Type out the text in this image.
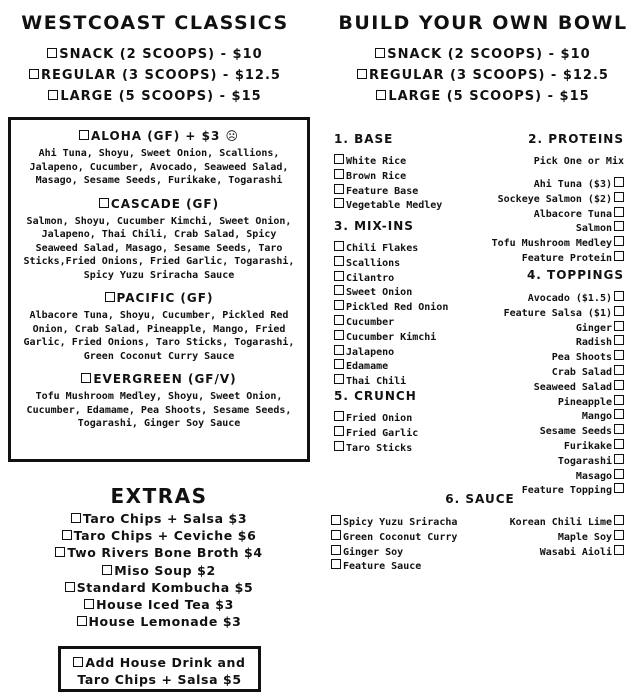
WESTCOAST CLASSICS
SNACK (2 SCOOPS) - $10
REGULAR (3 SCOOPS) - $12.5
LARGE (5 SCOOPS) - $15
BUILD YOUR OWN BOWL
SNACK (2 SCOOPS) - $10
REGULAR (3 SCOOPS) - $12.5
LARGE (5 SCOOPS) - $15
ALOHA (GF) + $3 ☹
Ahi Tuna, Shoyu, Sweet Onion, Scallions, Jalapeno, Cucumber, Avocado, Seaweed Salad, Masago, Sesame Seeds, Furikake, Togarashi
CASCADE (GF)
Salmon, Shoyu, Cucumber Kimchi, Sweet Onion, Jalapeno, Thai Chili, Crab Salad, Spicy Seaweed Salad, Masago, Sesame Seeds, Taro Sticks,Fried Onions, Fried Garlic, Togarashi, Spicy Yuzu Sriracha Sauce
PACIFIC (GF)
Albacore Tuna, Shoyu, Cucumber, Pickled Red Onion, Crab Salad, Pineapple, Mango, Fried Garlic, Fried Onions, Taro Sticks, Togarashi, Green Coconut Curry Sauce
EVERGREEN (GF/V)
Tofu Mushroom Medley, Shoyu, Sweet Onion, Cucumber, Edamame, Pea Shoots, Sesame Seeds, Togarashi, Ginger Soy Sauce
EXTRAS
Taro Chips + Salsa $3
Taro Chips + Ceviche $6
Two Rivers Bone Broth $4
Miso Soup $2
Standard Kombucha $5
House Iced Tea $3
House Lemonade $3
Add House Drink and
Taro Chips + Salsa $5
1. BASE
White Rice
Brown Rice
Feature Base
Vegetable Medley
3. MIX-INS
Chili Flakes
Scallions
Cilantro
Sweet Onion
Pickled Red Onion
Cucumber
Cucumber Kimchi
Jalapeno
Edamame
Thai Chili
5. CRUNCH
Fried Onion
Fried Garlic
Taro Sticks
2. PROTEINS
Pick One or Mix
Ahi Tuna ($3)
Sockeye Salmon ($2)
Albacore Tuna
Salmon
Tofu Mushroom Medley
Feature Protein
4. TOPPINGS
Avocado ($1.5)
Feature Salsa ($1)
Ginger
Radish
Pea Shoots
Crab Salad
Seaweed Salad
Pineapple
Mango
Sesame Seeds
Furikake
Togarashi
Masago
Feature Topping
6. SAUCE
Spicy Yuzu Sriracha
Green Coconut Curry
Ginger Soy
Feature Sauce
Korean Chili Lime
Maple Soy
Wasabi Aioli
